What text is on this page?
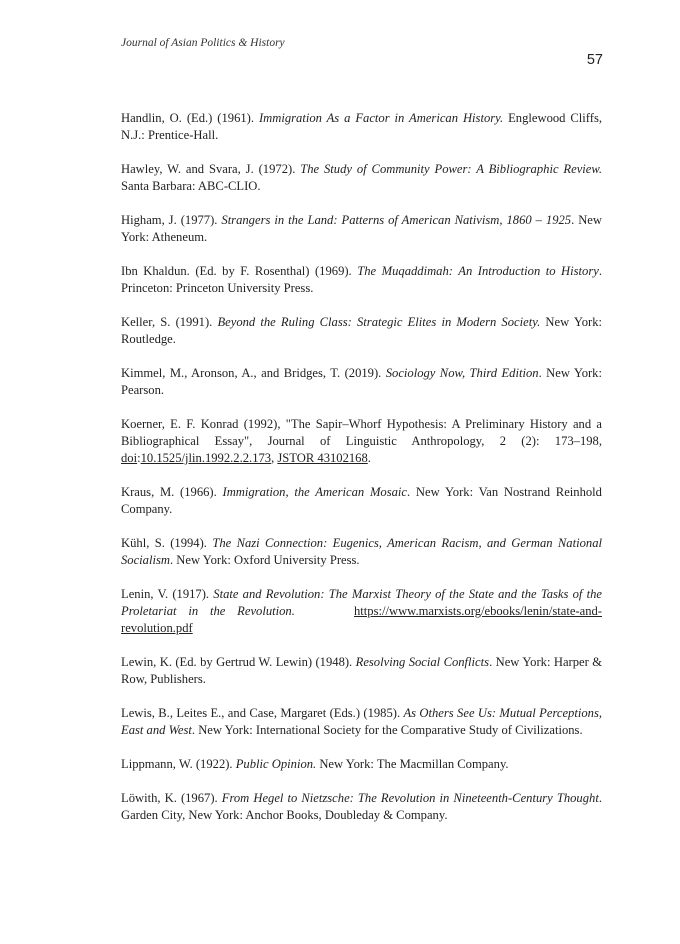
Journal of Asian Politics & History
57

Handlin, O. (Ed.) (1961). Immigration As a Factor in American History. Englewood Cliffs, N.J.: Prentice-Hall.

Hawley, W. and Svara, J. (1972). The Study of Community Power: A Bibliographic Review. Santa Barbara: ABC-CLIO.

Higham, J. (1977). Strangers in the Land: Patterns of American Nativism, 1860 – 1925. New York: Atheneum.

Ibn Khaldun. (Ed. by F. Rosenthal) (1969). The Muqaddimah: An Introduction to History. Princeton: Princeton University Press.

Keller, S. (1991). Beyond the Ruling Class: Strategic Elites in Modern Society. New York: Routledge.

Kimmel, M., Aronson, A., and Bridges, T. (2019). Sociology Now, Third Edition. New York: Pearson.

Koerner, E. F. Konrad (1992), "The Sapir–Whorf Hypothesis: A Preliminary History and a Bibliographical Essay", Journal of Linguistic Anthropology, 2 (2): 173–198, doi:10.1525/jlin.1992.2.2.173, JSTOR 43102168.

Kraus, M. (1966). Immigration, the American Mosaic. New York: Van Nostrand Reinhold Company.

Kühl, S. (1994). The Nazi Connection: Eugenics, American Racism, and German National Socialism. New York: Oxford University Press.

Lenin, V. (1917). State and Revolution: The Marxist Theory of the State and the Tasks of the Proletariat in the Revolution.	https://www.marxists.org/ebooks/lenin/state-and-revolution.pdf

Lewin, K. (Ed. by Gertrud W. Lewin) (1948). Resolving Social Conflicts. New York: Harper & Row, Publishers.

Lewis, B., Leites E., and Case, Margaret (Eds.) (1985). As Others See Us: Mutual Perceptions, East and West. New York: International Society for the Comparative Study of Civilizations.

Lippmann, W. (1922). Public Opinion. New York: The Macmillan Company.

Löwith, K. (1967). From Hegel to Nietzsche: The Revolution in Nineteenth-Century Thought. Garden City, New York: Anchor Books, Doubleday & Company.
